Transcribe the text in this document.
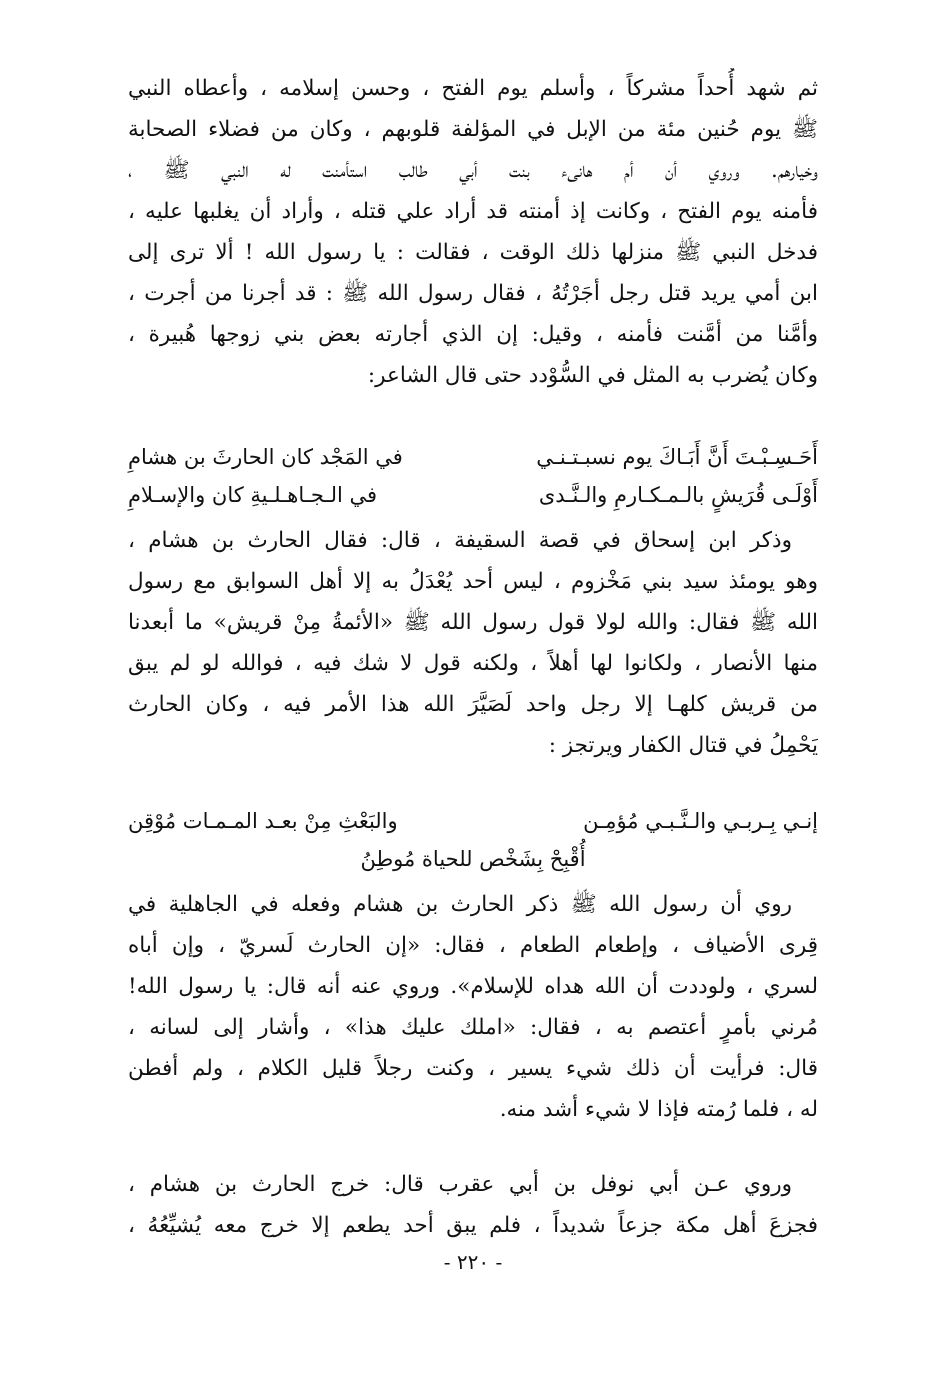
ثم شهد أُحداً مشركاً ، وأسلم يوم الفتح ، وحسن إسلامه ، وأعطاه النبي
ﷺ يوم حُنين مئة من الإبل في المؤلفة قلوبهم ، وكان من فضلاء الصحابة
وخيارهم. وروي أن أم هانىء بنت أبي طالب استأمنت له النبي ﷺ ،
فأمنه يوم الفتح ، وكانت إذ أمنته قد أراد علي قتله ، وأراد أن يغلبها عليه ،
فدخل النبي ﷺ منزلها ذلك الوقت ، فقالت : يا رسول الله ! ألا ترى إلى
ابن أمي يريد قتل رجل أجَرْتُهُ ، فقال رسول الله ﷺ : قد أجرنا من أجرت ،
وأمَّنا من أمَّنت فأمنه ، وقيل: إن الذي أجارته بعض بني زوجها هُبيرة ،
وكان يُضرب به المثل في السُّوْدد حتى قال الشاعر:
أَحَـسِـبْـتَ أَنَّ أَبَـاكَ يوم نسبـتـنـي
في المَجْد كان الحارثَ بن هشامِ
أَوْلَـى قُرَيشٍ بالـمـكـارمِ والـنَّـدى
في الـجـاهـلـيةِ كان والإسـلامِ
وذكر ابن إسحاق في قصة السقيفة ، قال: فقال الحارث بن هشام ،
وهو يومئذ سيد بني مَخْزوم ، ليس أحد يُعْدَلُ به إلا أهل السوابق مع رسول
الله ﷺ فقال: والله لولا قول رسول الله ﷺ «الأئمةُ مِنْ قريش» ما أبعدنا
منها الأنصار ، ولكانوا لها أهلاً ، ولكنه قول لا شك فيه ، فوالله لو لم يبق
من قريش كلهـا إلا رجل واحد لَصَيَّرَ الله هذا الأمر فيه ، وكان الحارث
يَحْمِلُ في قتال الكفار ويرتجز :
إنـي بِـربـي والـنَّـبـي مُؤمِـن
والبَعْثِ مِنْ بعـد المـمـات مُوْقِن
أُقْبِحْ بِشَخْص للحياة مُوطِنُ
روي أن رسول الله ﷺ ذكر الحارث بن هشام وفعله في الجاهلية في
قِرى الأضياف ، وإطعام الطعام ، فقال: «إن الحارث لَسريّ ، وإن أباه
لسري ، ولوددت أن الله هداه للإسلام». وروي عنه أنه قال: يا رسول الله!
مُرني بأمرٍ أعتصم به ، فقال: «املك عليك هذا» ، وأشار إلى لسانه ،
قال: فرأيت أن ذلك شيء يسير ، وكنت رجلاً قليل الكلام ، ولم أفطن
له ، فلما رُمته فإذا لا شيء أشد منه.
وروي عـن أبي نوفل بن أبي عقرب قال: خرج الحارث بن هشام ،
فجزعَ أهل مكة جزعاً شديداً ، فلم يبق أحد يطعم إلا خرج معه يُشيِّعُهُ ،
- ٢٢٠ -
